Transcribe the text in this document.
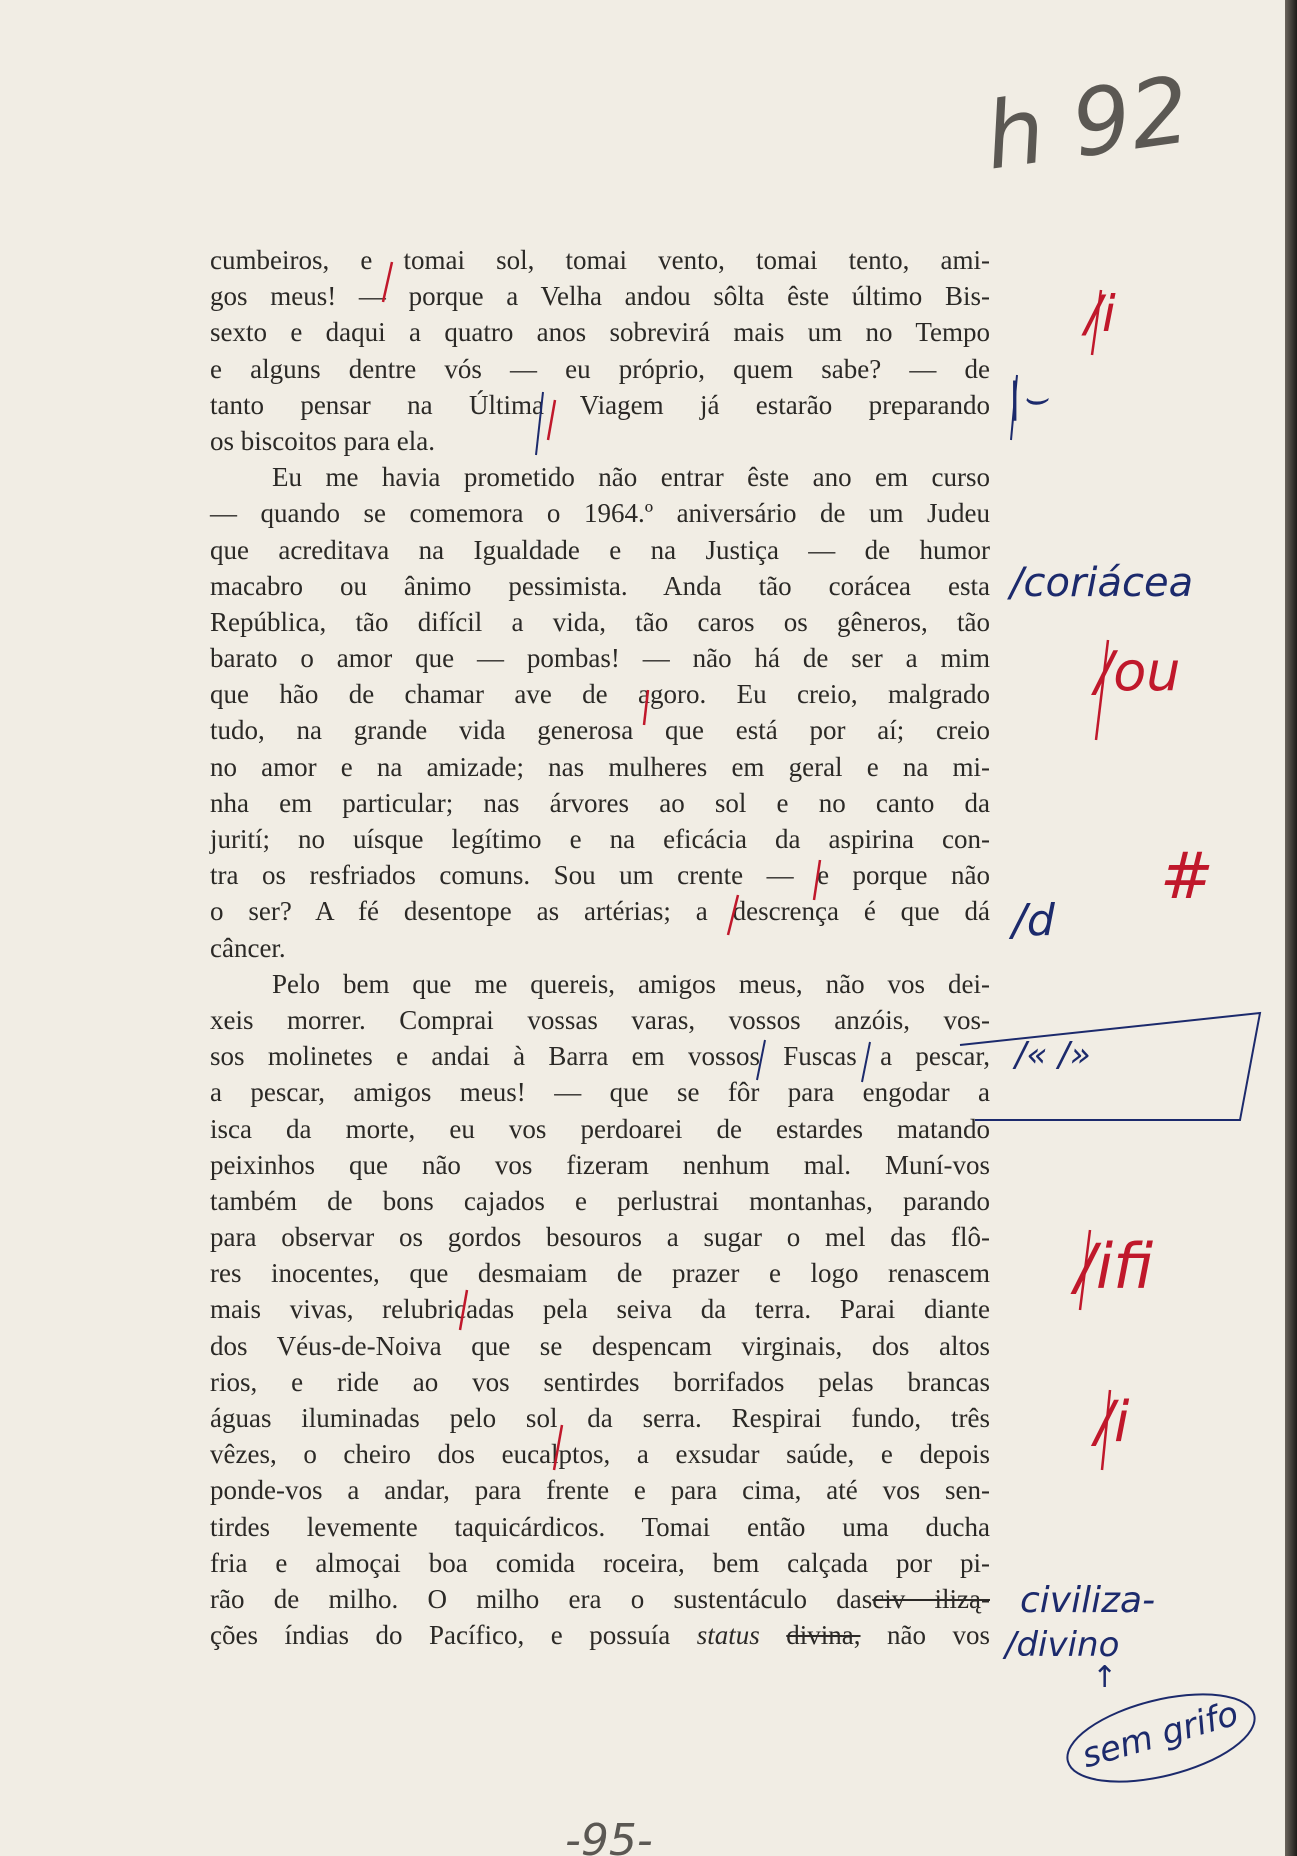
h 92
cumbeiros, e tomai sol, tomai vento, tomai tento, ami-
gos meus! — porque a Velha andou sôlta êste último Bis-
sexto e daqui a quatro anos sobrevirá mais um no Tempo
e alguns dentre vós — eu próprio, quem sabe? — de
tanto pensar na Última Viagem já estarão preparando
os biscoitos para ela.
Eu me havia prometido não entrar êste ano em curso
— quando se comemora o 1964.º aniversário de um Judeu
que acreditava na Igualdade e na Justiça — de humor
macabro ou ânimo pessimista. Anda tão corácea esta
República, tão difícil a vida, tão caros os gêneros, tão
barato o amor que — pombas! — não há de ser a mim
que hão de chamar ave de agoro. Eu creio, malgrado
tudo, na grande vida generosa que está por aí; creio
no amor e na amizade; nas mulheres em geral e na mi-
nha em particular; nas árvores ao sol e no canto da
jurití; no uísque legítimo e na eficácia da aspirina con-
tra os resfriados comuns. Sou um crente — e porque não
o ser? A fé desentope as artérias; a descrença é que dá
câncer.
Pelo bem que me quereis, amigos meus, não vos dei-
xeis morrer. Comprai vossas varas, vossos anzóis, vos-
sos molinetes e andai à Barra em vossos Fuscas a pescar,
a pescar, amigos meus! — que se fôr para engodar a
isca da morte, eu vos perdoarei de estardes matando
peixinhos que não vos fizeram nenhum mal. Muní-vos
também de bons cajados e perlustrai montanhas, parando
para observar os gordos besouros a sugar o mel das flô-
res inocentes, que desmaiam de prazer e logo renascem
mais vivas, relubricadas pela seiva da terra. Parai diante
dos Véus-de-Noiva que se despencam virginais, dos altos
rios, e ride ao vos sentirdes borrifados pelas brancas
águas iluminadas pelo sol da serra. Respirai fundo, três
vêzes, o cheiro dos eucalptos, a exsudar saúde, e depois
ponde-vos a andar, para frente e para cima, até vos sen-
tirdes levemente taquicárdicos. Tomai então uma ducha
fria e almoçai boa comida roceira, bem calçada por pi-
rão de milho. O milho era o sustentáculo dasciv ilizą-
ções índias do Pacífico, e possuía status divina, não vos
/i
|⌣
/coriácea
/ou
/d
#
/« /»
/ifi
/i
civiliza-
/divino
↑
sem grifo
-95-
